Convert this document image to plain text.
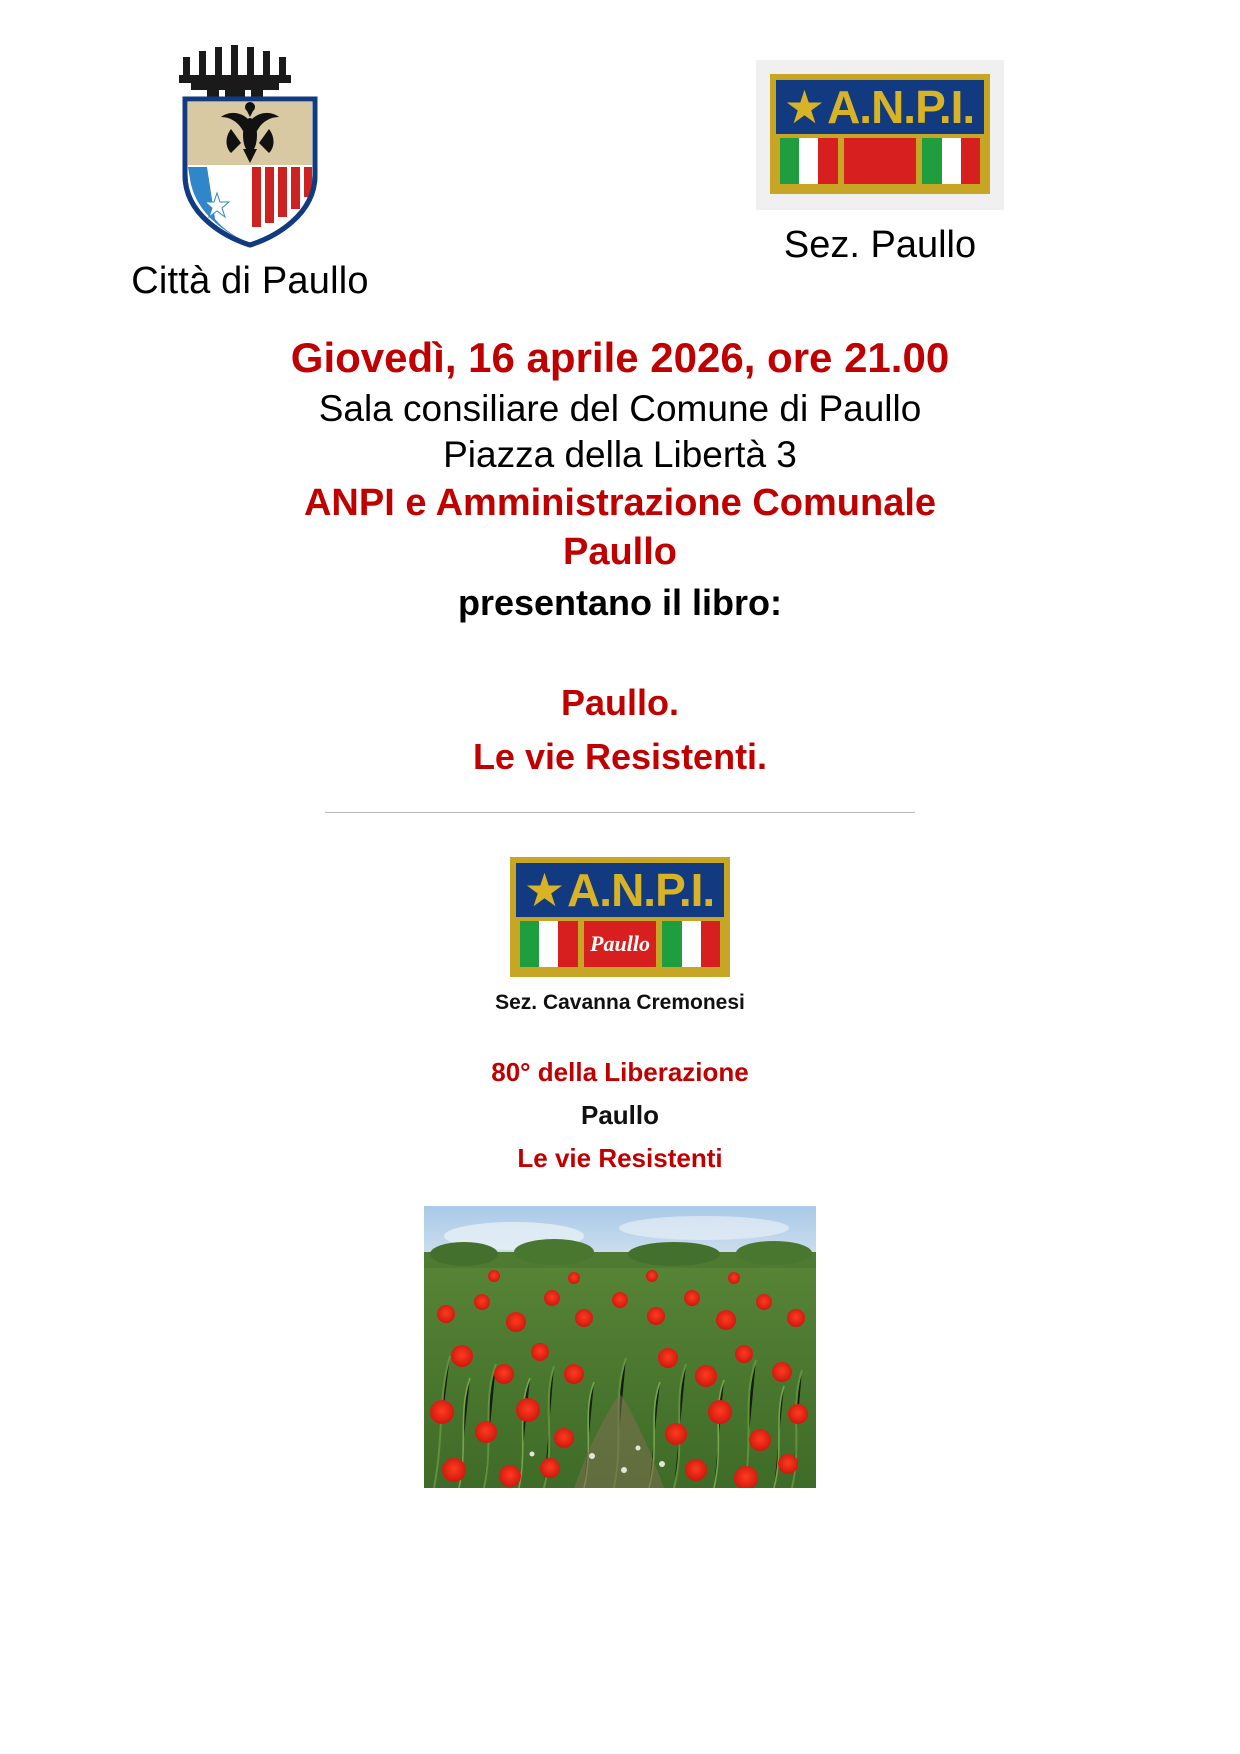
Città di Paullo
★ A.N.P.I.
Sez. Paullo

Giovedì, 16 aprile 2026, ore 21.00

Sala consiliare del Comune di Paullo

Piazza della Libertà 3

ANPI e Amministrazione Comunale

Paullo

presentano il libro:

Paullo.

Le vie Resistenti.

★ A.N.P.I.
Paullo
Sez. Cavanna Cremonesi
80° della Liberazione
Paullo
Le vie Resistenti
